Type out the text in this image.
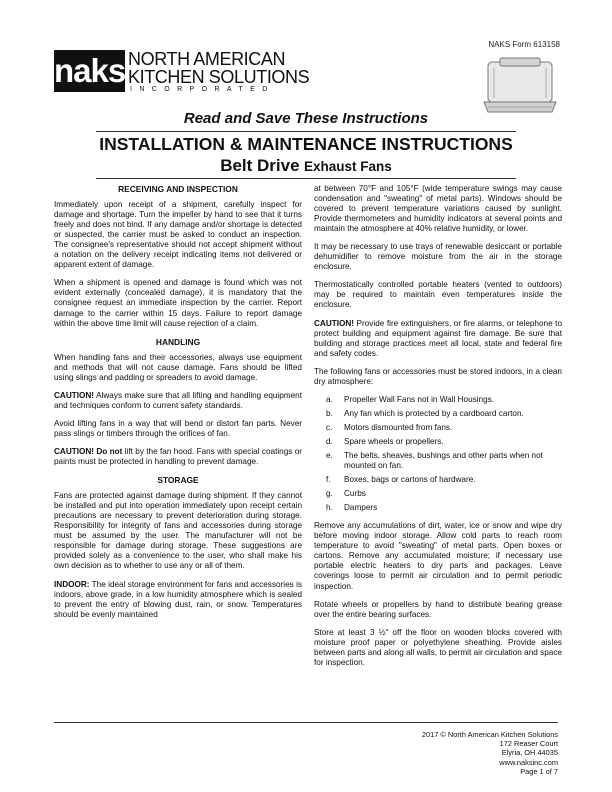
NAKS Form 613158
naks NORTH AMERICAN
KITCHEN SOLUTIONS
INCORPORATED
Read and Save These Instructions
INSTALLATION & MAINTENANCE INSTRUCTIONS
Belt Drive Exhaust Fans
RECEIVING AND INSPECTION

Immediately upon receipt of a shipment, carefully inspect for damage and shortage. Turn the impeller by hand to see that it turns freely and does not bind. If any damage and/or shortage is detected or suspected, the carrier must be asked to conduct an inspection. The consignee's representative should not accept shipment without a notation on the delivery receipt indicating items not delivered or apparent extent of damage.

When a shipment is opened and damage is found which was not evident externally (concealed damage), it is mandatory that the consignee request an immediate inspection by the carrier. Report damage to the carrier within 15 days. Failure to report damage within the above time limit will cause rejection of a claim.

HANDLING

When handling fans and their accessories, always use equipment and methods that will not cause damage. Fans should be lifted using slings and padding or spreaders to avoid damage.

CAUTION! Always make sure that all lifting and handling equipment and techniques conform to current safety standards.

Avoid lifting fans in a way that will bend or distort fan parts. Never pass slings or timbers through the orifices of fan.

CAUTION! Do not lift by the fan hood. Fans with special coatings or paints must be protected in handling to prevent damage.

STORAGE

Fans are protected against damage during shipment. If they cannot be installed and put into operation immediately upon receipt certain precautions are necessary to prevent deterioration during storage. Responsibility for integrity of fans and accessories during storage must be assumed by the user. The manufacturer will not be responsible for damage during storage. These suggestions are provided solely as a convenience to the user, who shall make his own decision as to whether to use any or all of them.

INDOOR: The ideal storage environment for fans and accessories is indoors, above grade, in a low humidity atmosphere which is sealed to prevent the entry of blowing dust, rain, or snow. Temperatures should be evenly maintained

at between 70°F and 105°F (wide temperature swings may cause condensation and "sweating" of metal parts). Windows should be covered to prevent temperature variations caused by sunlight. Provide thermometers and humidity indicators at several points and maintain the atmosphere at 40% relative humidity, or lower.

It may be necessary to use trays of renewable desiccant or portable dehumidifier to remove moisture from the air in the storage enclosure.

Thermostatically controlled portable heaters (vented to outdoors) may be required to maintain even temperatures inside the enclosure.

CAUTION! Provide fire extinguishers, or fire alarms, or telephone to protect building and equipment against fire damage. Be sure that building and storage practices meet all local, state and federal fire and safety codes.

The following fans or accessories must be stored indoors, in a clean dry atmosphere:

a. Propeller Wall Fans not in Wall Housings.
b. Any fan which is protected by a cardboard carton.
c. Motors dismounted from fans.
d. Spare wheels or propellers.
e. The belts, sheaves, bushings and other parts when not mounted on fan.
f. Boxes, bags or cartons of hardware.
g. Curbs
h. Dampers

Remove any accumulations of dirt, water, ice or snow and wipe dry before moving indoor storage. Allow cold parts to reach room temperature to avoid "sweating" of metal parts. Open boxes or cartons. Remove any accumulated moisture; if necessary use portable electric heaters to dry parts and packages. Leave coverings loose to permit air circulation and to permit periodic inspection.

Rotate wheels or propellers by hand to distribute bearing grease over the entire bearing surfaces.

Store at least 3 ½" off the floor on wooden blocks covered with moisture proof paper or polyethylene sheathing. Provide aisles between parts and along all walls, to permit air circulation and space for inspection.

2017 © North American Kitchen Solutions
172 Reaser Court
Elyria, OH 44035
www.naksinc.com
Page 1 of 7
